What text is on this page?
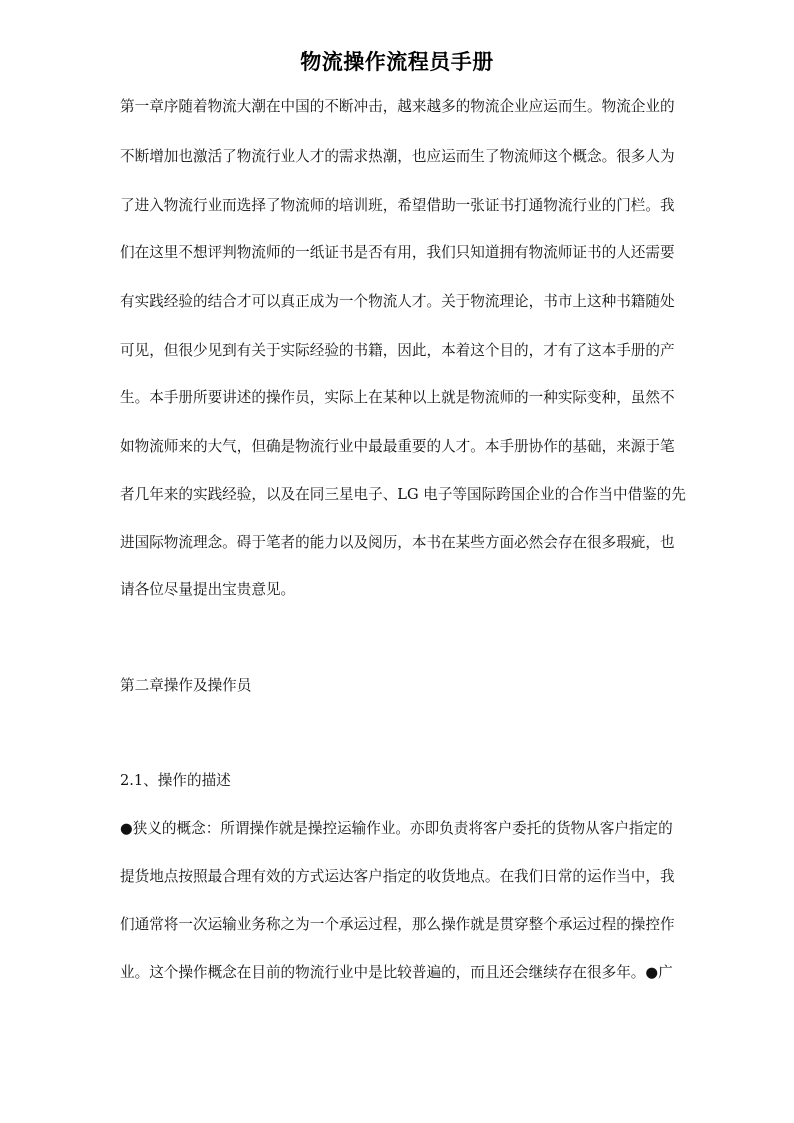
物流操作流程员手册
第一章序随着物流大潮在中国的不断冲击，越来越多的物流企业应运而生。物流企业的
不断增加也激活了物流行业人才的需求热潮，也应运而生了物流师这个概念。很多人为
了进入物流行业而选择了物流师的培训班，希望借助一张证书打通物流行业的门栏。我
们在这里不想评判物流师的一纸证书是否有用，我们只知道拥有物流师证书的人还需要
有实践经验的结合才可以真正成为一个物流人才。关于物流理论，书市上这种书籍随处
可见，但很少见到有关于实际经验的书籍，因此，本着这个目的，才有了这本手册的产
生。本手册所要讲述的操作员，实际上在某种以上就是物流师的一种实际变种，虽然不
如物流师来的大气，但确是物流行业中最最重要的人才。本手册协作的基础，来源于笔
者几年来的实践经验，以及在同三星电子、LG 电子等国际跨国企业的合作当中借鉴的先
进国际物流理念。碍于笔者的能力以及阅历，本书在某些方面必然会存在很多瑕疵，也
请各位尽量提出宝贵意见。
第二章操作及操作员
2.1、操作的描述
●狭义的概念：所谓操作就是操控运输作业。亦即负责将客户委托的货物从客户指定的
提货地点按照最合理有效的方式运达客户指定的收货地点。在我们日常的运作当中，我
们通常将一次运输业务称之为一个承运过程，那么操作就是贯穿整个承运过程的操控作
业。这个操作概念在目前的物流行业中是比较普遍的，而且还会继续存在很多年。●广
